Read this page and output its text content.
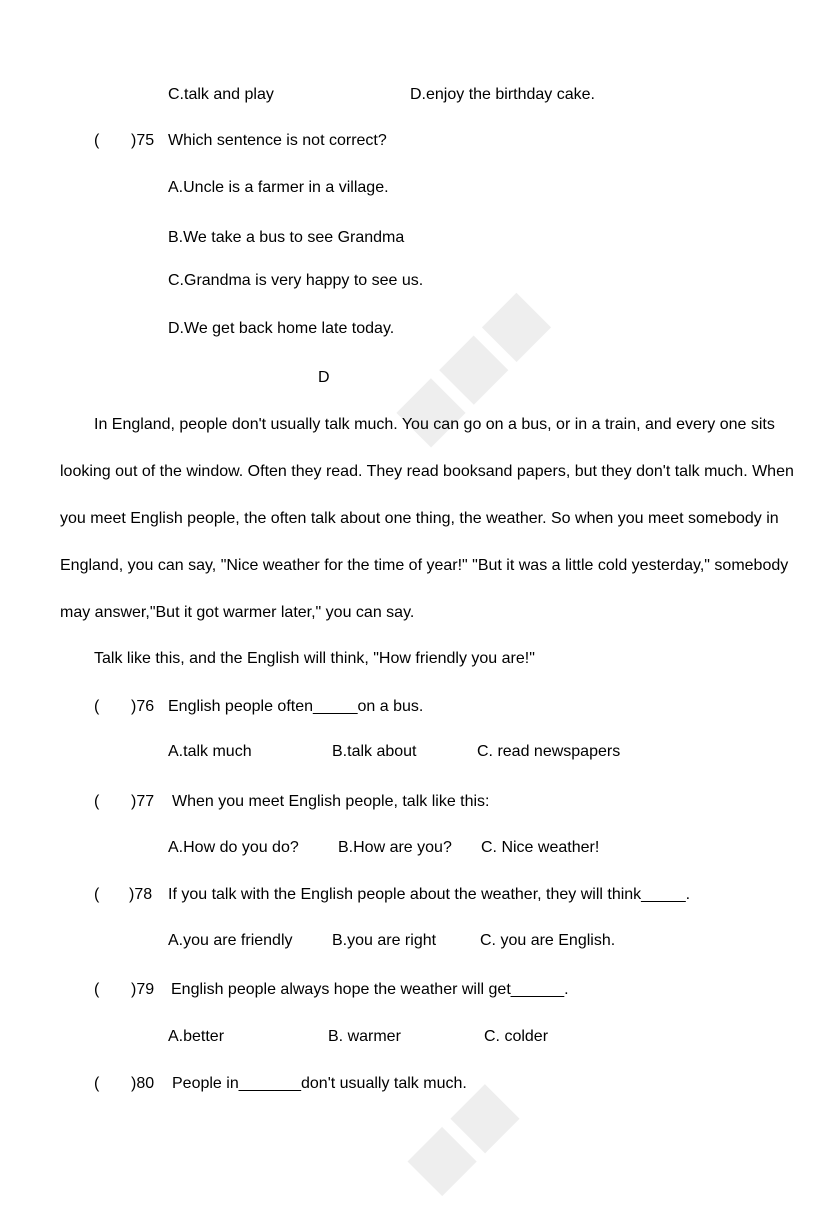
■■■
■■
C.talk and play	D.enjoy the birthday cake.
( )75 Which sentence is not correct?
A.Uncle is a farmer in a village.
B.We take a bus to see Grandma
C.Grandma is very happy to see us.
D.We get back home late today.
D
In England, people don't usually talk much. You can go on a bus, or in a train, and every one sits
looking out of the window. Often they read. They read booksand papers, but they don't talk much. When
you meet English people, the often talk about one thing, the weather. So when you meet somebody in
England, you can say, "Nice weather for the time of year!" "But it was a little cold yesterday," somebody
may answer,"But it got warmer later," you can say.
Talk like this, and the English will think, "How friendly you are!"
( )76 English people often_____on a bus.
A.talk much	B.talk about	C. read newspapers
( )77 When you meet English people, talk like this:
A.How do you do? B.How are you? C. Nice weather!
( )78 If you talk with the English people about the weather, they will think_____.
A.you are friendly B.you are right	C. you are English.
( )79 English people always hope the weather will get______.
A.better	B. warmer	C. colder
( )80 People in_______don't usually talk much.
